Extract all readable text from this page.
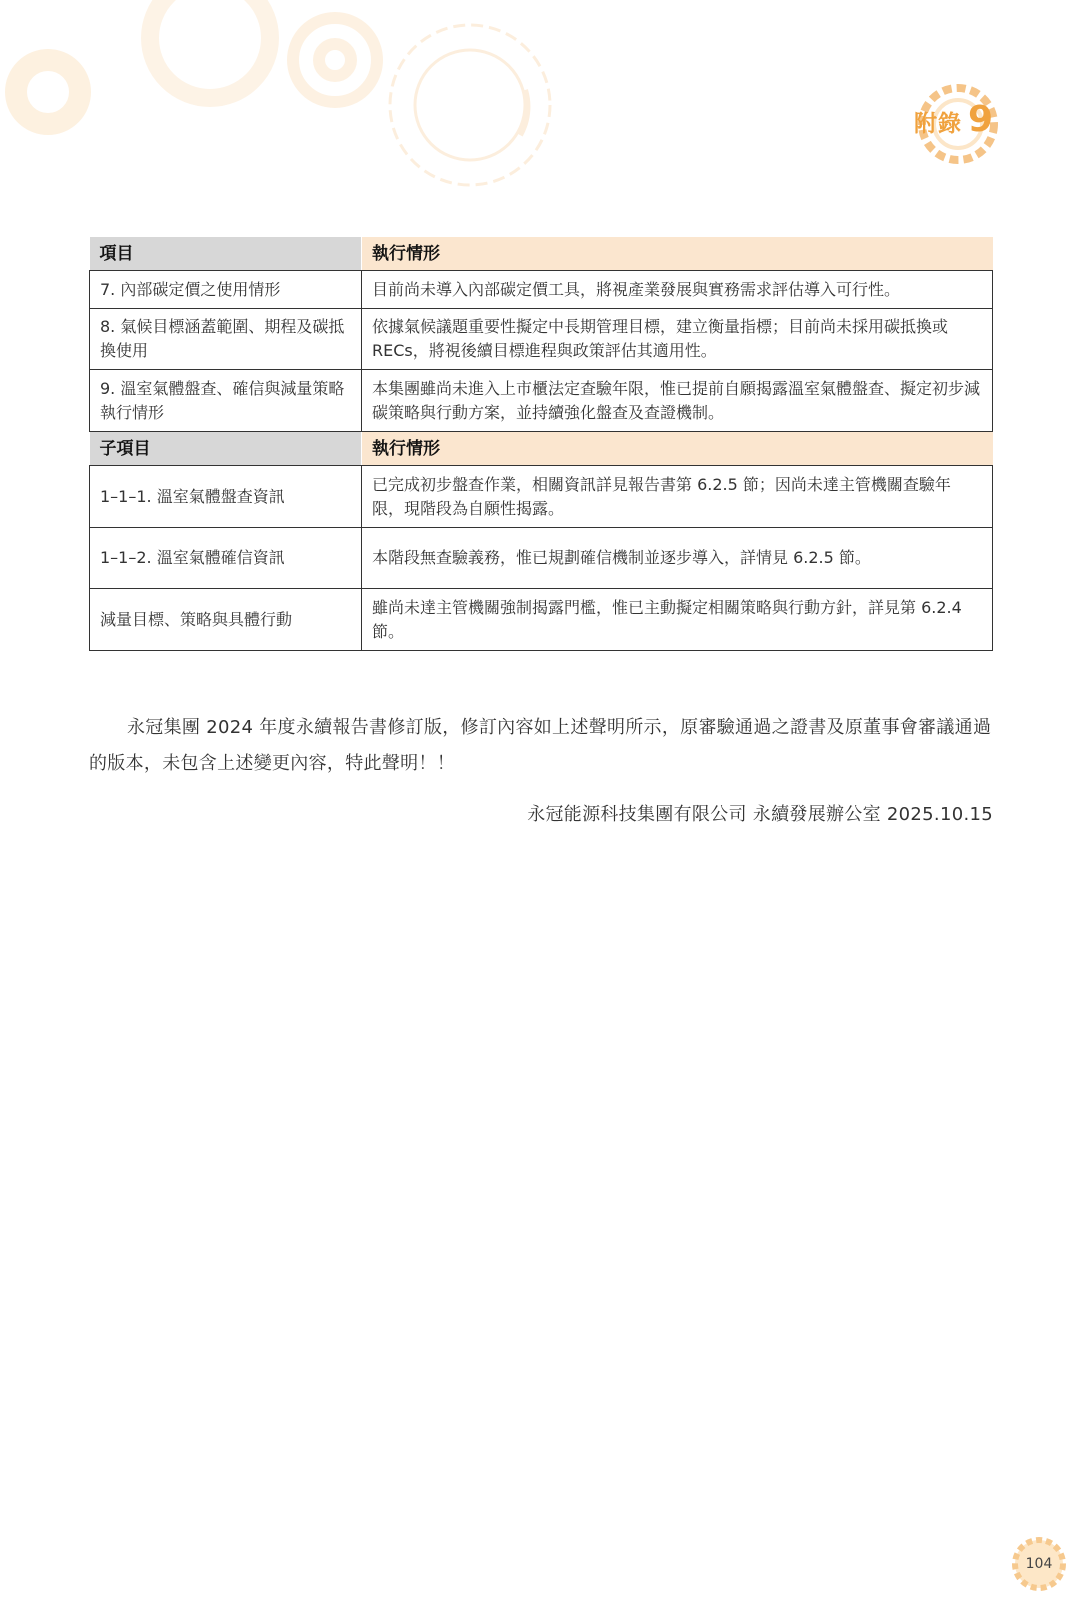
附錄 9
項目	執行情形
7. 內部碳定價之使用情形	目前尚未導入內部碳定價工具，將視產業發展與實務需求評估導入可行性。
8. 氣候目標涵蓋範圍、期程及碳抵換使用	依據氣候議題重要性擬定中長期管理目標，建立衡量指標；目前尚未採用碳抵換或 RECs，將視後續目標進程與政策評估其適用性。
9. 溫室氣體盤查、確信與減量策略執行情形	本集團雖尚未進入上市櫃法定查驗年限，惟已提前自願揭露溫室氣體盤查、擬定初步減碳策略與行動方案，並持續強化盤查及查證機制。
子項目	執行情形
1–1–1. 溫室氣體盤查資訊	已完成初步盤查作業，相關資訊詳見報告書第 6.2.5 節；因尚未達主管機關查驗年限，現階段為自願性揭露。
1–1–2. 溫室氣體確信資訊	本階段無查驗義務，惟已規劃確信機制並逐步導入，詳情見 6.2.5 節。
減量目標、策略與具體行動	雖尚未達主管機關強制揭露門檻，惟已主動擬定相關策略與行動方針，詳見第 6.2.4 節。

永冠集團 2024 年度永續報告書修訂版，修訂內容如上述聲明所示，原審驗通過之證書及原董事會審議通過的版本，未包含上述變更內容，特此聲明！！

永冠能源科技集團有限公司 永續發展辦公室 2025.10.15
104
